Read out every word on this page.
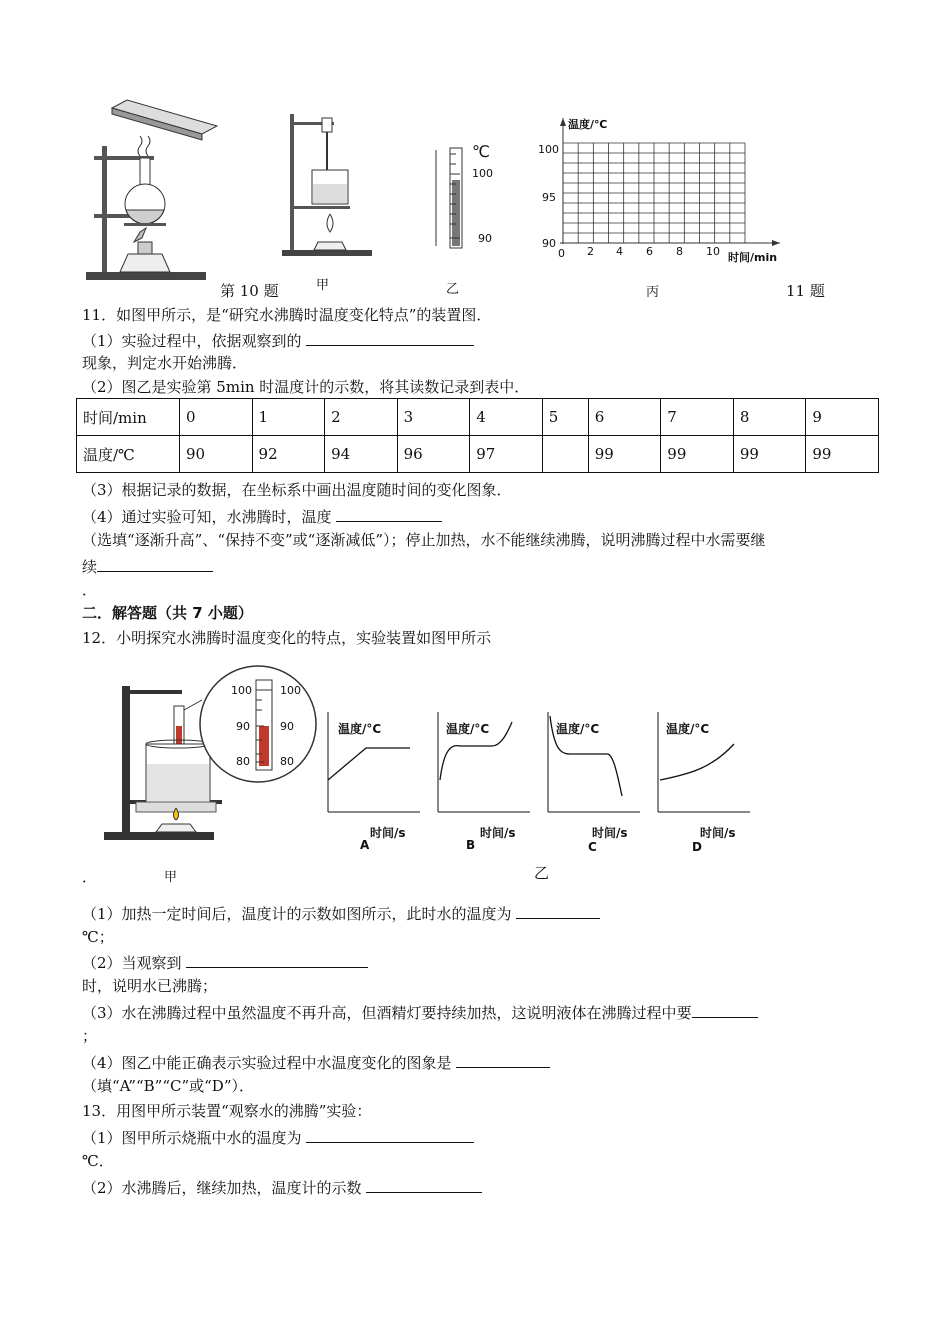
第 10 题	甲
℃
100
90
乙
温度/℃
100
95
90
0 2 4 6 8 10 时间/min
丙	11 题
11．如图甲所示，是“研究水沸腾时温度变化特点”的装置图．
（1）实验过程中，依据观察到的
现象，判定水开始沸腾．
（2）图乙是实验第 5min 时温度计的示数，将其读数记录到表中．
时间/min	0	1	2	3	4	5	6	7	8	9
温度/℃	90	92	94	96	97		99	99	99	99
（3）根据记录的数据，在坐标系中画出温度随时间的变化图象．
（4）通过实验可知，水沸腾时，温度
（选填“逐渐升高”、“保持不变”或“逐渐减低”）；停止加热，水不能继续沸腾，说明沸腾过程中水需要继
续
．
二．解答题（共 7 小题）
12．小明探究水沸腾时温度变化的特点，实验装置如图甲所示
100	100
90	90
80	80
甲
．
温度/°C	温度/°C	温度/°C	温度/°C
时间/s	时间/s	时间/s	时间/s
A	B	C	D
乙
（1）加热一定时间后，温度计的示数如图所示，此时水的温度为
℃；
（2）当观察到
时，说明水已沸腾；
（3）水在沸腾过程中虽然温度不再升高，但酒精灯要持续加热，这说明液体在沸腾过程中要
；
（4）图乙中能正确表示实验过程中水温度变化的图象是
（填“A”“B”“C”或“D”）．
13．用图甲所示装置“观察水的沸腾”实验：
（1）图甲所示烧瓶中水的温度为
℃．
（2）水沸腾后，继续加热，温度计的示数
